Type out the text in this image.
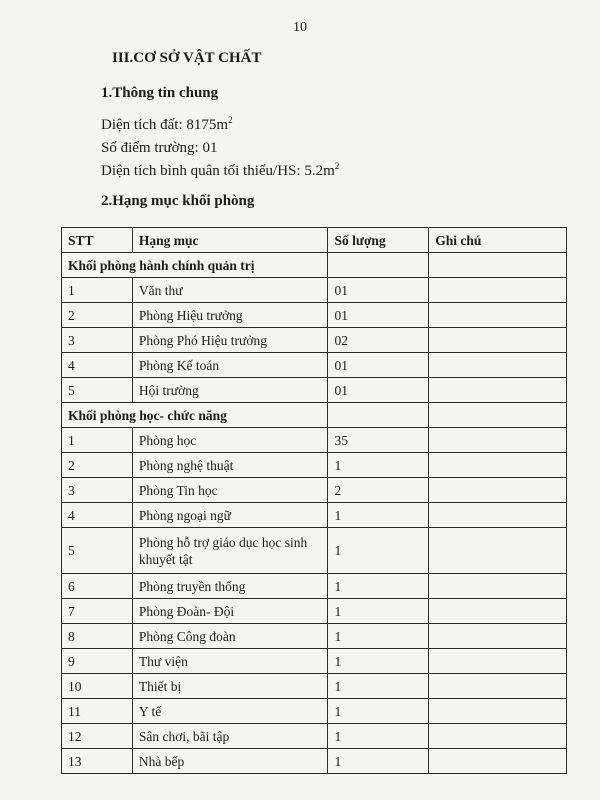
10
III.CƠ SỞ VẬT CHẤT
1.Thông tin chung
Diện tích đất: $8175m^2$
Số điểm trường: 01
Diện tích bình quân tối thiểu/HS: $5.2m^2$
2.Hạng mục khối phòng
STT	Hạng mục	Số lượng	Ghi chú
Khối phòng hành chính quản trị			
1	Văn thư	01	
2	Phòng Hiệu trưởng	01	
3	Phòng Phó Hiệu trưởng	02	
4	Phòng Kế toán	01	
5	Hội trường	01	
Khối phòng học- chức năng			
1	Phòng học	35	
2	Phòng nghệ thuật	1	
3	Phòng Tin học	2	
4	Phòng ngoại ngữ	1	
5	Phòng hỗ trợ giáo dục học sinh khuyết tật	1	
6	Phòng truyền thống	1	
7	Phòng Đoàn- Đội	1	
8	Phòng Công đoàn	1	
9	Thư viện	1	
10	Thiết bị	1	
11	Y tế	1	
12	Sân chơi, bãi tập	1	
13	Nhà bếp	1	
